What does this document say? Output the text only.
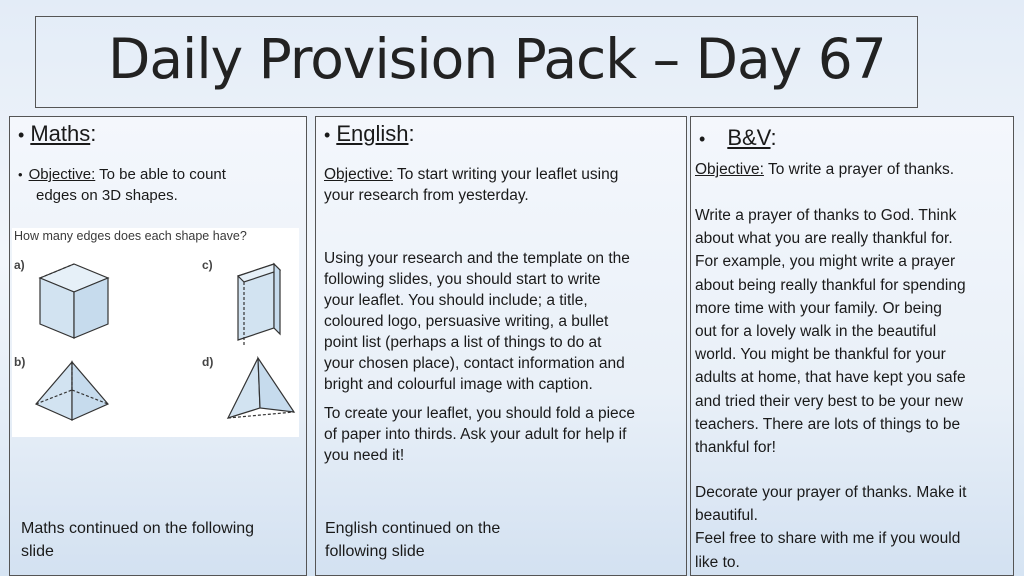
Daily Provision Pack – Day 67
• Maths:
• Objective: To be able to count
edges on 3D shapes.
How many edges does each shape have?
a)
b)
c)
d)
Maths continued on the following
slide
• English:
Objective: To start writing your leaflet using
your research from yesterday.
Using your research and the template on the
following slides, you should start to write
your leaflet. You should include; a title,
coloured logo, persuasive writing, a bullet
point list (perhaps a list of things to do at
your chosen place), contact information and
bright and colourful image with caption.
To create your leaflet, you should fold a piece
of paper into thirds. Ask your adult for help if
you need it!
English continued on the
following slide
• B&V:
Objective: To write a prayer of thanks.
Write a prayer of thanks to God. Think
about what you are really thankful for.
For example, you might write a prayer
about being really thankful for spending
more time with your family. Or being
out for a lovely walk in the beautiful
world. You might be thankful for your
adults at home, that have kept you safe
and tried their very best to be your new
teachers. There are lots of things to be
thankful for!
Decorate your prayer of thanks. Make it
beautiful.
Feel free to share with me if you would
like to.
